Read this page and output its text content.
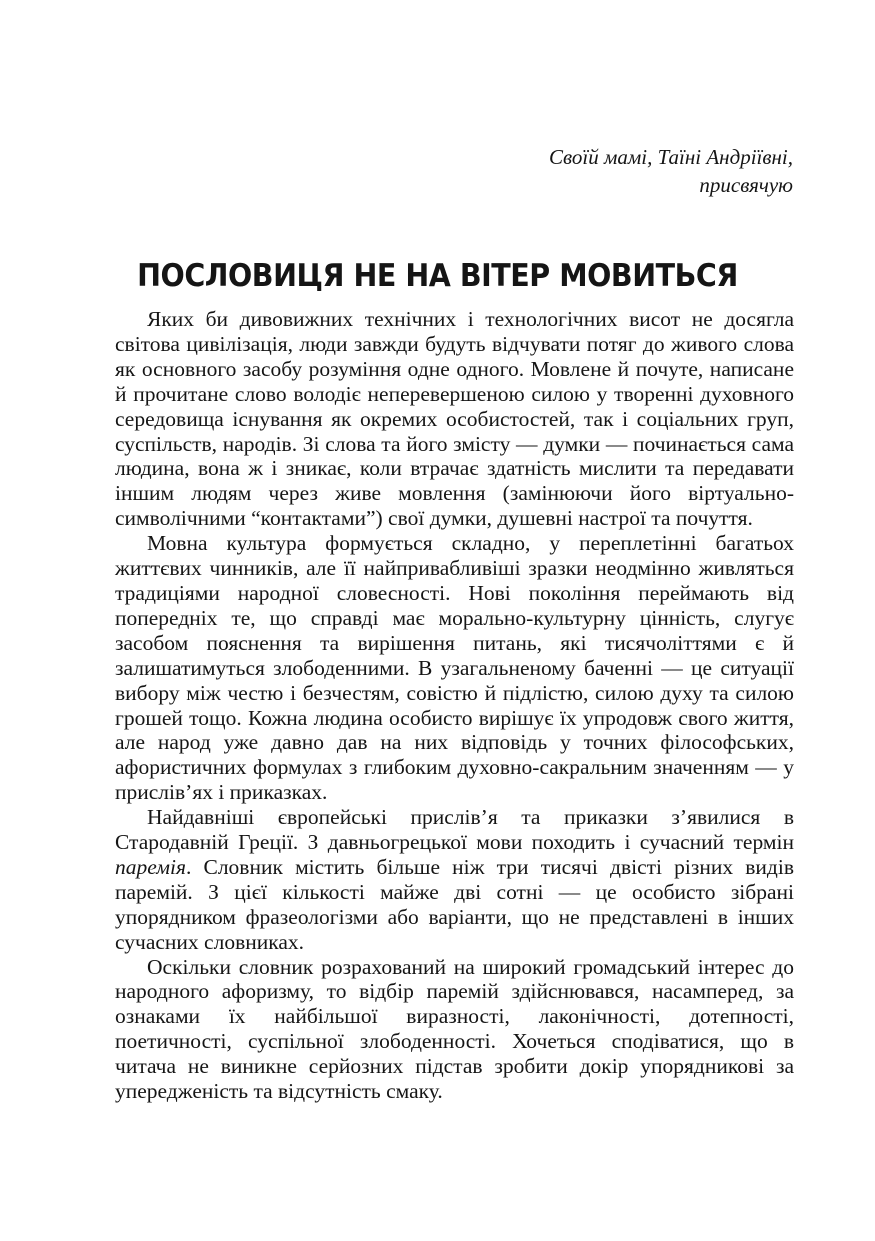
Своїй мамі, Таїні Андріївні,
присвячую
ПОСЛОВИЦЯ НЕ НА ВІТЕР МОВИТЬСЯ

Яких би дивовижних технічних і технологічних висот не досягла світова цивілізація, люди завжди будуть відчувати потяг до живого слова як основного засобу розуміння одне одного. Мовлене й почуте, написане й прочитане слово володіє неперевершеною силою у творенні духовного середовища існування як окремих особистостей, так і соціальних груп, суспільств, народів. Зі слова та його змісту — думки — починається сама людина, вона ж і зникає, коли втрачає здатність мислити та передавати іншим людям через живе мовлення (замінюючи його віртуально-символічними “контактами”) свої думки, душевні настрої та почуття.

Мовна культура формується складно, у переплетінні багатьох життєвих чинників, але її найпривабливіші зразки неодмінно живляться традиціями народної словесності. Нові покоління переймають від попередніх те, що справді має морально-культурну цінність, слугує засобом пояснення та вирішення питань, які тисячоліттями є й залишатимуться злободенними. В узагальненому баченні — це ситуації вибору між честю і безчестям, совістю й підлістю, силою духу та силою грошей тощо. Кожна людина особисто вирішує їх упродовж свого життя, але народ уже давно дав на них відповідь у точних філософських, афористичних формулах з глибоким духовно-сакральним значенням — у прислів’ях і приказках.

Найдавніші європейські прислів’я та приказки з’явилися в Стародавній Греції. З давньогрецької мови походить і сучасний термін паремія. Словник містить більше ніж три тисячі двісті різних видів паремій. З цієї кількості майже дві сотні — це особисто зібрані упорядником фразеологізми або варіанти, що не представлені в інших сучасних словниках.

Оскільки словник розрахований на широкий громадський інтерес до народного афоризму, то відбір паремій здійснювався, насамперед, за ознаками їх найбільшої виразності, лаконічності, дотепності, поетичності, суспільної злободенності. Хочеться сподіватися, що в читача не виникне серйозних підстав зробити докір упорядникові за упередженість та відсутність смаку.
